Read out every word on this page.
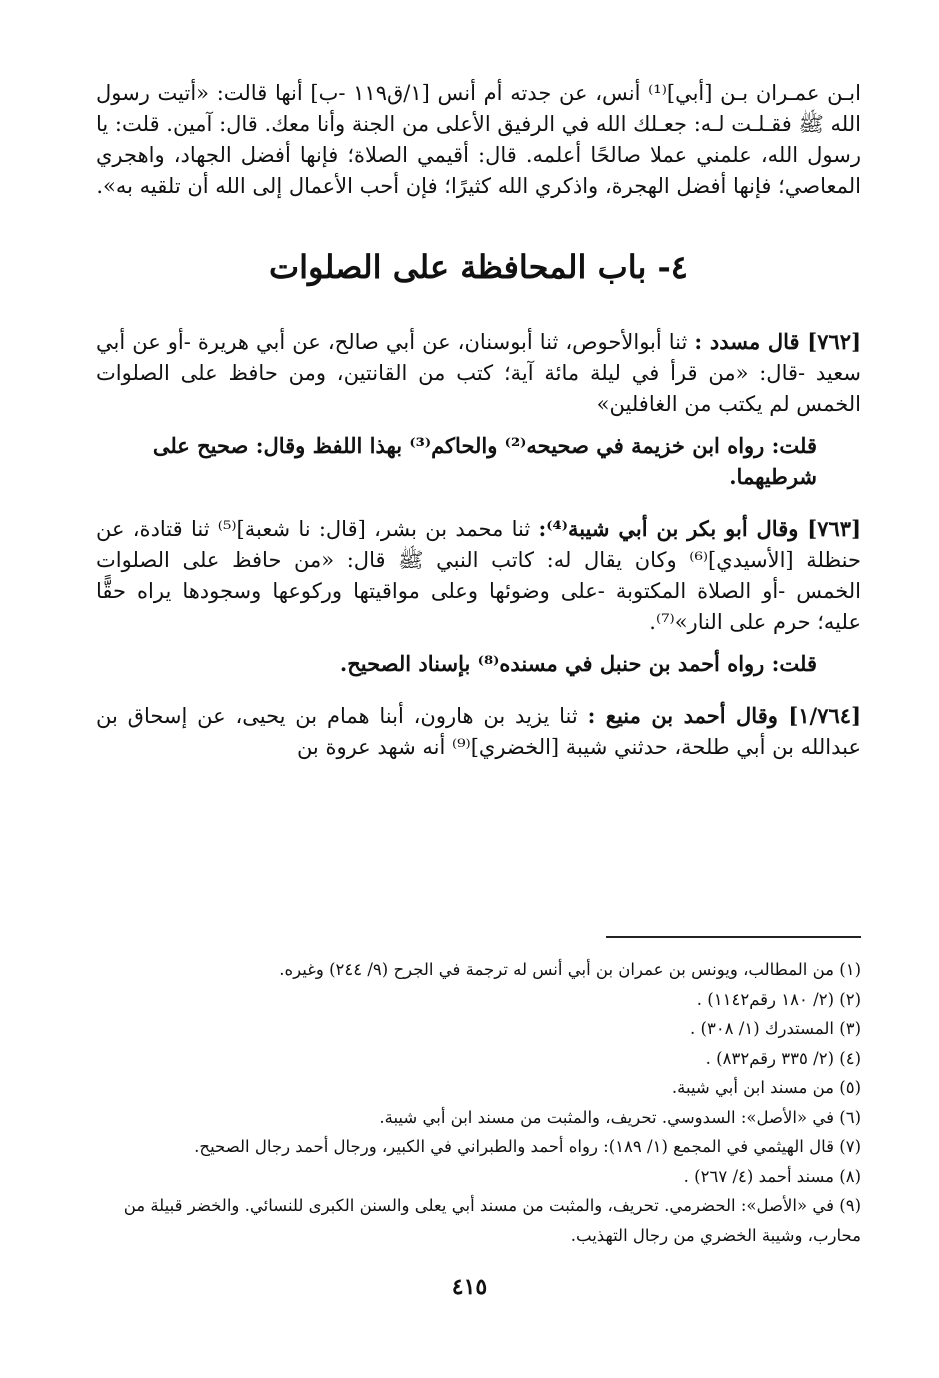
ابـن عمـران بـن [أبي]⁽¹⁾ أنس، عن جدته أم أنس [١/ق١١٩ -ب] أنها قالت: «أتيت رسول الله ﷺ فقـلـت لـه: جعـلك الله في الرفيق الأعلى من الجنة وأنا معك. قال: آمين. قلت: يا رسول الله، علمني عملا صالحًا أعلمه. قال: أقيمي الصلاة؛ فإنها أفضل الجهاد، واهجري المعاصي؛ فإنها أفضل الهجرة، واذكري الله كثيرًا؛ فإن أحب الأعمال إلى الله أن تلقيه به».

٤- باب المحافظة على الصلوات

[٧٦٢] قال مسدد : ثنا أبوالأحوص، ثنا أبوسنان، عن أبي صالح، عن أبي هريرة -أو عن أبي سعيد -قال: «من قرأ في ليلة مائة آية؛ كتب من القانتين، ومن حافظ على الصلوات الخمس لم يكتب من الغافلين»

قلت: رواه ابن خزيمة في صحيحه⁽²⁾ والحاكم⁽³⁾ بهذا اللفظ وقال: صحيح على شرطيهما.

[٧٦٣] وقال أبو بكر بن أبي شيبة⁽⁴⁾: ثنا محمد بن بشر، [قال: نا شعبة]⁽⁵⁾ ثنا قتادة، عن حنظلة [الأسيدي]⁽⁶⁾ وكان يقال له: كاتب النبي ﷺ قال: «من حافظ على الصلوات الخمس -أو الصلاة المكتوبة -على وضوئها وعلى مواقيتها وركوعها وسجودها يراه حقًّا عليه؛ حرم على النار»⁽⁷⁾.

قلت: رواه أحمد بن حنبل في مسنده⁽⁸⁾ بإسناد الصحيح.

[١/٧٦٤] وقال أحمد بن منيع : ثنا يزيد بن هارون، أبنا همام بن يحيى، عن إسحاق بن عبدالله بن أبي طلحة، حدثني شيبة [الخضري]⁽⁹⁾ أنه شهد عروة بن

(١) من المطالب، ويونس بن عمران بن أبي أنس له ترجمة في الجرح (٩/ ٢٤٤) وغيره.

(٢) (٢/ ١٨٠ رقم١١٤٢) .

(٣) المستدرك (١/ ٣٠٨) .

(٤) (٢/ ٣٣٥ رقم٨٣٢) .

(٥) من مسند ابن أبي شيبة.

(٦) في «الأصل»: السدوسي. تحريف، والمثبت من مسند ابن أبي شيبة.

(٧) قال الهيثمي في المجمع (١/ ١٨٩): رواه أحمد والطبراني في الكبير، ورجال أحمد رجال الصحيح.

(٨) مسند أحمد (٤/ ٢٦٧) .

(٩) في «الأصل»: الحضرمي. تحريف، والمثبت من مسند أبي يعلى والسنن الكبرى للنسائي. والخضر قبيلة من محارب، وشيبة الخضري من رجال التهذيب.

٤١٥
